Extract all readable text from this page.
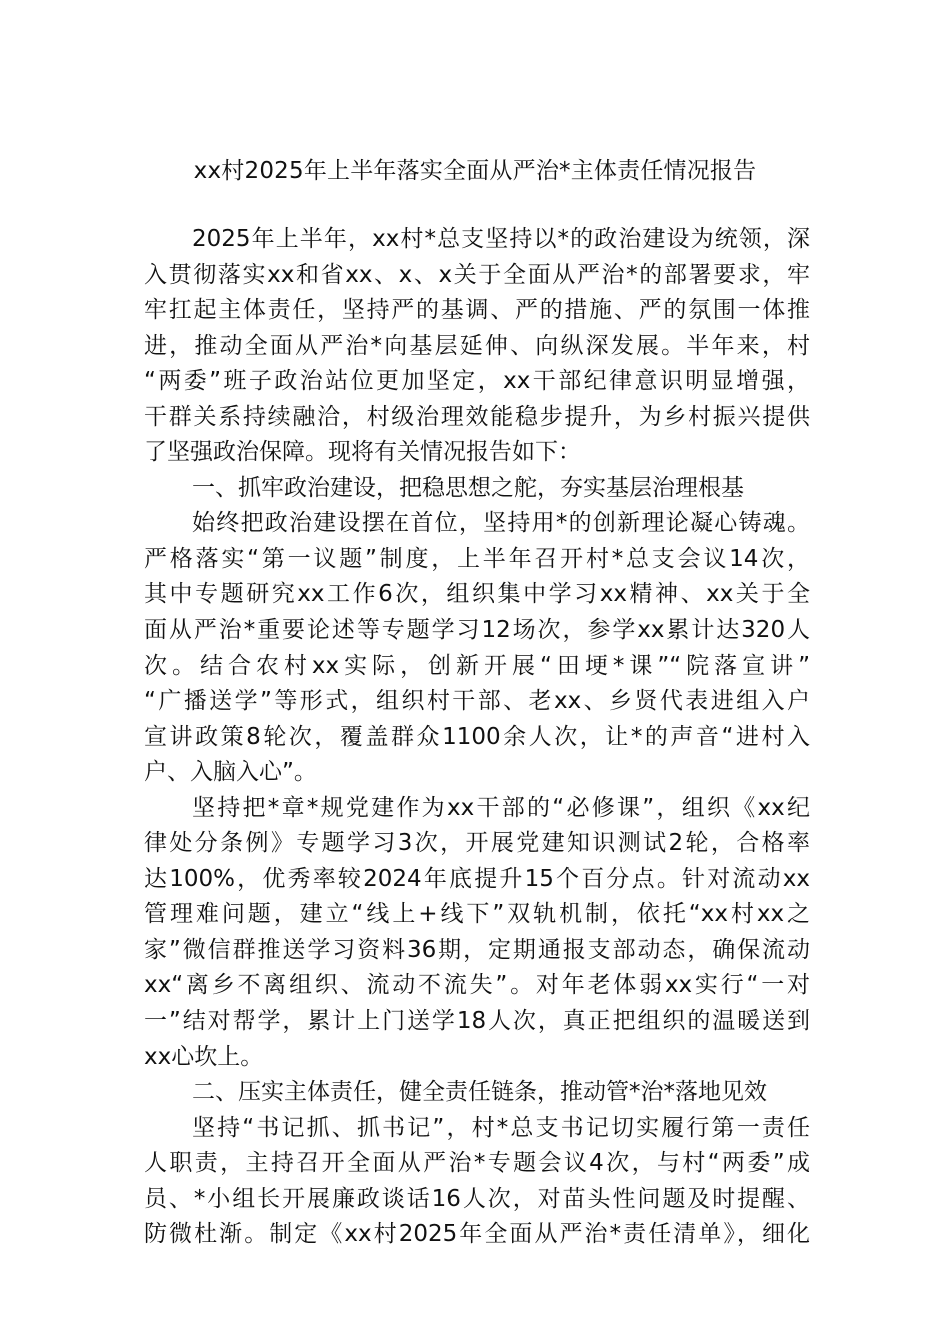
xx村2025年上半年落实全面从严治*主体责任情况报告
2025年上半年，xx村*总支坚持以*的政治建设为统领，深
入贯彻落实xx和省xx、x、x关于全面从严治*的部署要求，牢
牢扛起主体责任，坚持严的基调、严的措施、严的氛围一体推
进，推动全面从严治*向基层延伸、向纵深发展。半年来，村
“两委”班子政治站位更加坚定，xx干部纪律意识明显增强，
干群关系持续融洽，村级治理效能稳步提升，为乡村振兴提供
了坚强政治保障。现将有关情况报告如下：
一、抓牢政治建设，把稳思想之舵，夯实基层治理根基
始终把政治建设摆在首位，坚持用*的创新理论凝心铸魂。
严格落实“第一议题”制度，上半年召开村*总支会议14次，
其中专题研究xx工作6次，组织集中学习xx精神、xx关于全
面从严治*重要论述等专题学习12场次，参学xx累计达320人
次。结合农村xx实际，创新开展“田埂*课”“院落宣讲”
“广播送学”等形式，组织村干部、老xx、乡贤代表进组入户
宣讲政策8轮次，覆盖群众1100余人次，让*的声音“进村入
户、入脑入心”。
坚持把*章*规党建作为xx干部的“必修课”，组织《xx纪
律处分条例》专题学习3次，开展党建知识测试2轮，合格率
达100%，优秀率较2024年底提升15个百分点。针对流动xx
管理难问题，建立“线上+线下”双轨机制，依托“xx村xx之
家”微信群推送学习资料36期，定期通报支部动态，确保流动
xx“离乡不离组织、流动不流失”。对年老体弱xx实行“一对
一”结对帮学，累计上门送学18人次，真正把组织的温暖送到
xx心坎上。
二、压实主体责任，健全责任链条，推动管*治*落地见效
坚持“书记抓、抓书记”，村*总支书记切实履行第一责任
人职责，主持召开全面从严治*专题会议4次，与村“两委”成
员、*小组长开展廉政谈话16人次，对苗头性问题及时提醒、
防微杜渐。制定《xx村2025年全面从严治*责任清单》，细化
